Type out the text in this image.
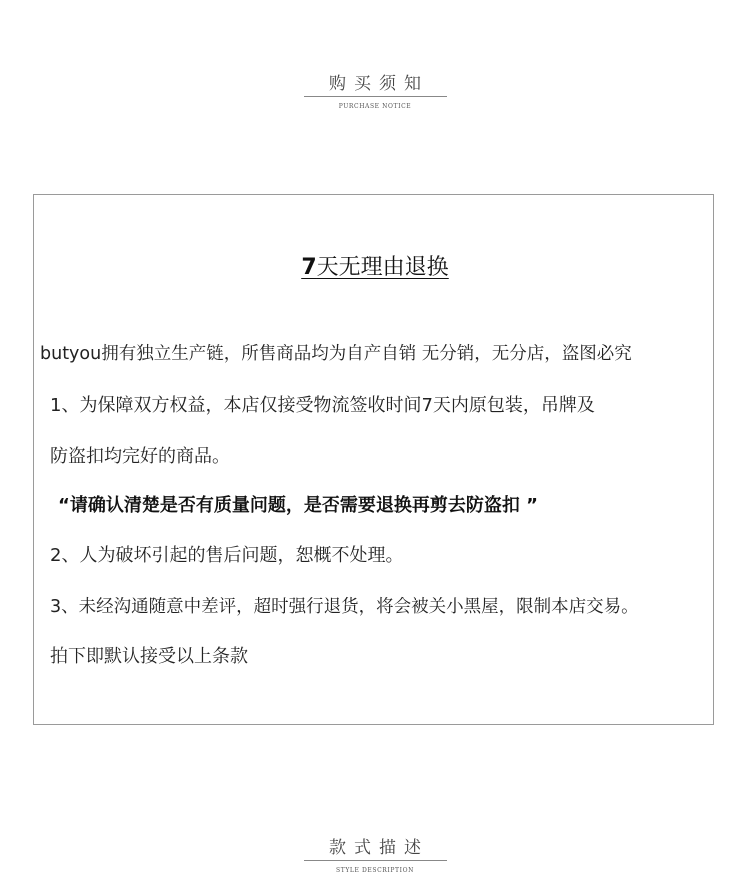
购买须知
PURCHASE NOTICE
7天无理由退换
butyou拥有独立生产链，所售商品均为自产自销 无分销，无分店，盗图必究
1、为保障双方权益，本店仅接受物流签收时间7天内原包装，吊牌及
防盗扣均完好的商品。
“请确认清楚是否有质量问题，是否需要退换再剪去防盗扣 ”
2、人为破坏引起的售后问题，恕概不处理。
3、未经沟通随意中差评，超时强行退货，将会被关小黑屋，限制本店交易。
拍下即默认接受以上条款
款式描述
STYLE DESCRIPTION
